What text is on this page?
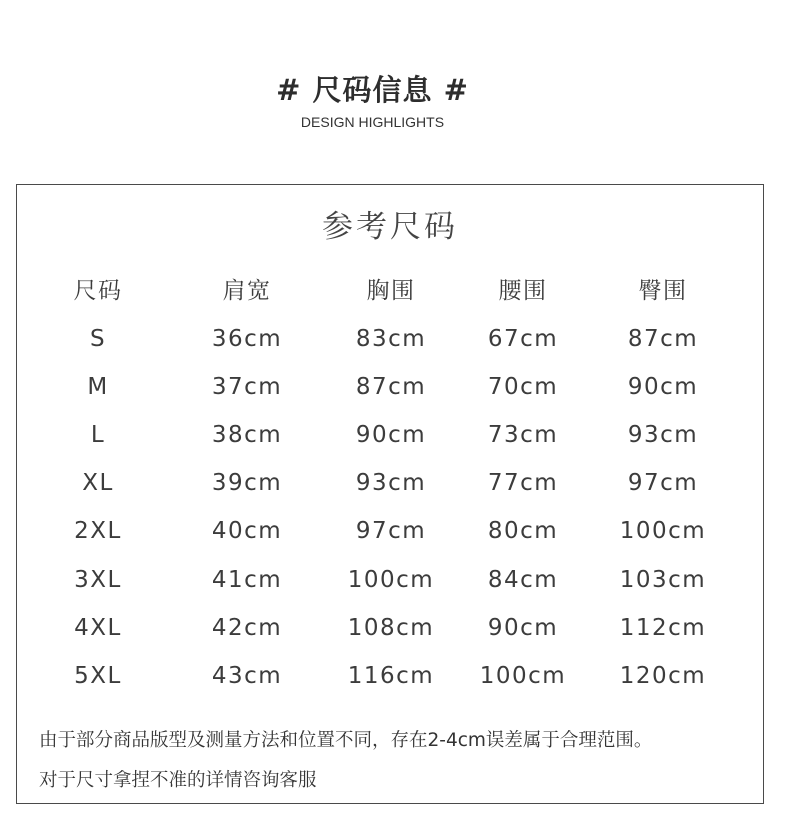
# 尺码信息 #
DESIGN HIGHLIGHTS
参考尺码
尺码	肩宽	胸围	腰围	臀围
S	36cm	83cm	67cm	87cm
M	37cm	87cm	70cm	90cm
L	38cm	90cm	73cm	93cm
XL	39cm	93cm	77cm	97cm
2XL	40cm	97cm	80cm	100cm
3XL	41cm	100cm	84cm	103cm
4XL	42cm	108cm	90cm	112cm
5XL	43cm	116cm	100cm	120cm
由于部分商品版型及测量方法和位置不同，存在2-4cm误差属于合理范围。
对于尺寸拿捏不准的详情咨询客服
